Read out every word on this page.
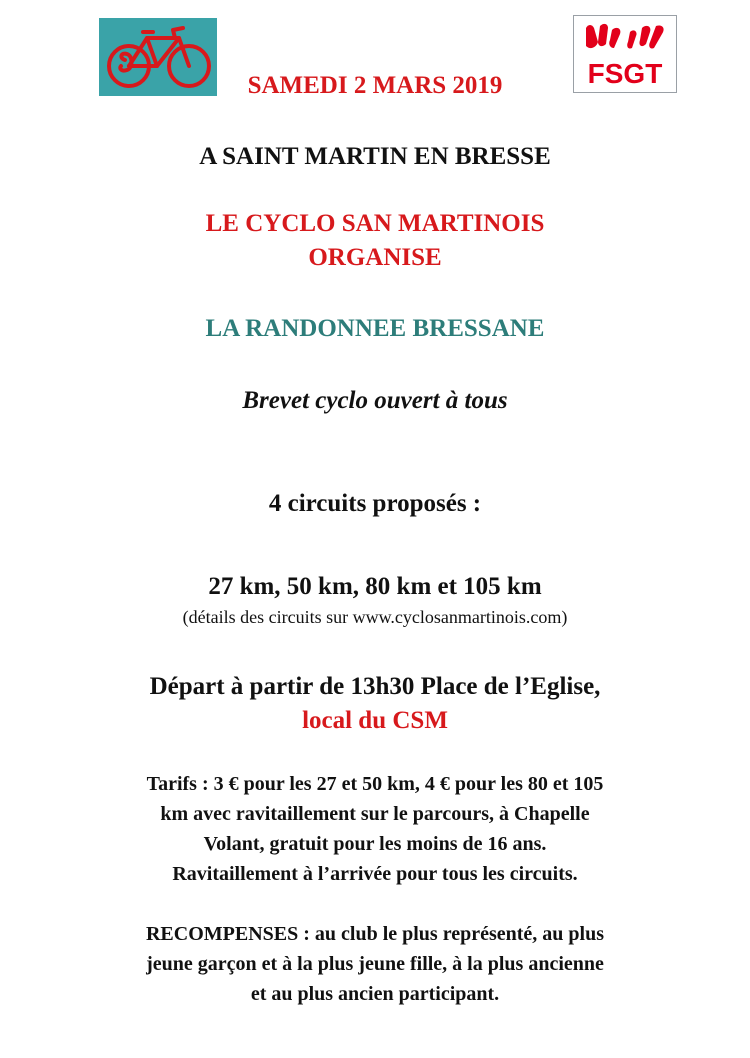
FSGT
SAMEDI 2 MARS 2019
A SAINT MARTIN EN BRESSE
LE CYCLO SAN MARTINOIS
ORGANISE
LA RANDONNEE BRESSANE
Brevet cyclo ouvert à tous
4 circuits proposés :
27 km, 50 km, 80 km et 105 km
(détails des circuits sur www.cyclosanmartinois.com)
Départ à partir de 13h30 Place de l’Eglise,
local du CSM
Tarifs : 3 € pour les 27 et 50 km, 4 € pour les 80 et 105
km avec ravitaillement sur le parcours, à Chapelle
Volant, gratuit pour les moins de 16 ans.
Ravitaillement à l’arrivée pour tous les circuits.
RECOMPENSES : au club le plus représenté, au plus
jeune garçon et à la plus jeune fille, à la plus ancienne
et au plus ancien participant.
